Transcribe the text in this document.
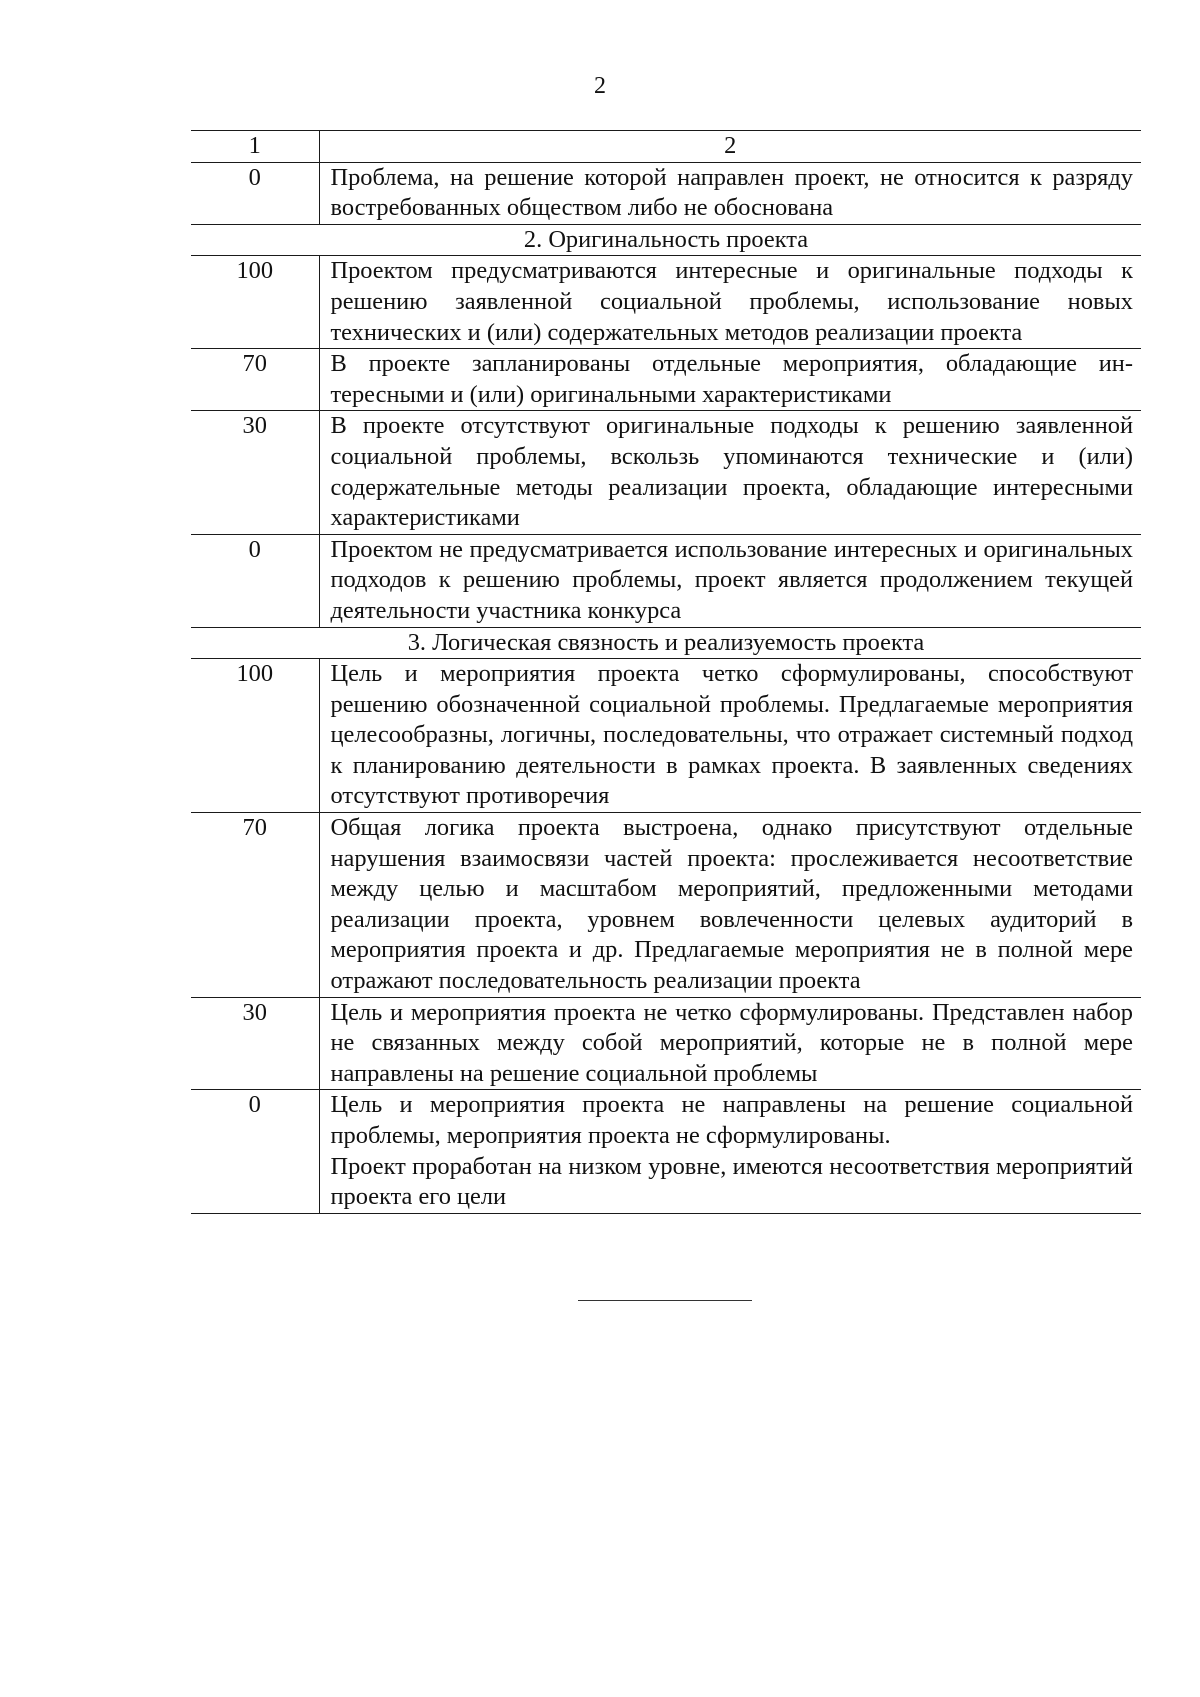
2
1	2
0	Проблема, на решение которой направлен проект, не относится к разряду востребованных обществом либо не обоснована

2. Оригинальность проекта	
100	Проектом предусматриваются интересные и оригинальные подходы к решению заявленной социальной проблемы, использование новых технических и (или) содержательных методов реализации проекта

70	В проекте запланированы отдельные мероприятия, обладающие интересными и (или) оригинальными характеристиками

30	В проекте отсутствуют оригинальные подходы к решению заявленной социальной проблемы, вскользь упоминаются технические и (или) содержательные методы реализации проекта, обладающие интересными характеристиками

0	Проектом не предусматривается использование интересных и оригинальных подходов к решению проблемы, проект является продолжением текущей деятельности участника конкурса

3. Логическая связность и реализуемость проекта	
100	Цель и мероприятия проекта четко сформулированы, способствуют решению обозначенной социальной проблемы. Предлагаемые мероприятия целесообразны, логичны, последовательны, что отражает системный подход к планированию деятельности в рамках проекта. В заявленных сведениях отсутствуют противоречия

70	Общая логика проекта выстроена, однако присутствуют отдельные нарушения взаимосвязи частей проекта: прослеживается несоответствие между целью и масштабом мероприятий, предложенными методами реализации проекта, уровнем вовлеченности целевых аудиторий в мероприятия проекта и др. Предлагаемые мероприятия не в полной мере отражают последовательность реализации проекта

30	Цель и мероприятия проекта не четко сформулированы. Представлен набор не связанных между собой мероприятий, которые не в полной мере направлены на решение социальной проблемы

0	Цель и мероприятия проекта не направлены на решение социальной проблемы, мероприятия проекта не сформулированы.
Проект проработан на низком уровне, имеются несоответствия мероприятий проекта его цели
